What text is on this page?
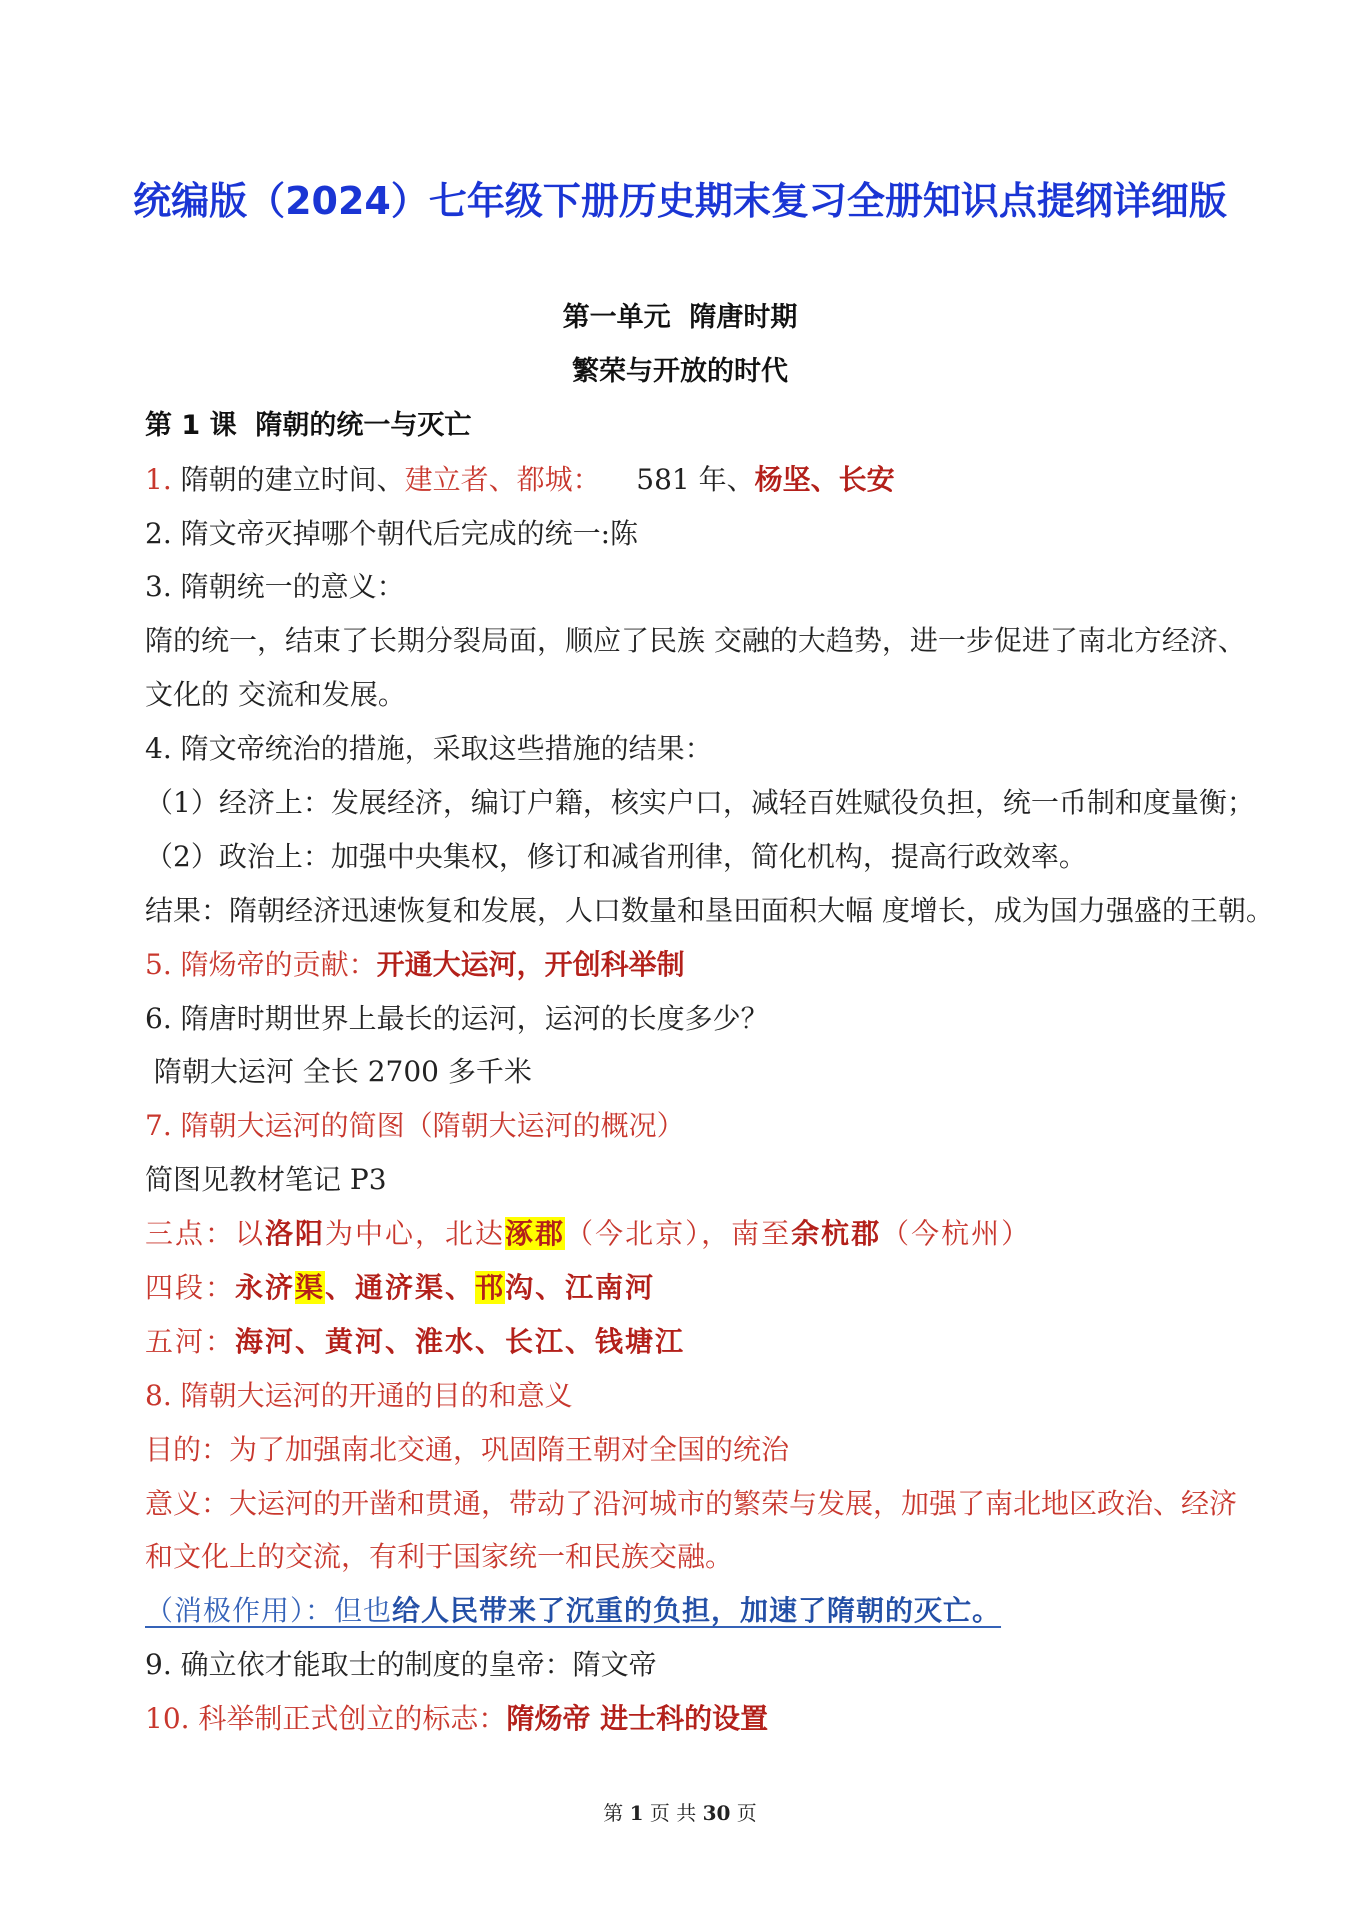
统编版（2024）七年级下册历史期末复习全册知识点提纲详细版
第一单元  隋唐时期
繁荣与开放的时代
第 1 课  隋朝的统一与灭亡
1. 隋朝的建立时间、建立者、都城：    581 年、杨坚、长安
2. 隋文帝灭掉哪个朝代后完成的统一:陈
3. 隋朝统一的意义：
隋的统一，结束了长期分裂局面，顺应了民族 交融的大趋势，进一步促进了南北方经济、
文化的 交流和发展。
4. 隋文帝统治的措施，采取这些措施的结果：
（1）经济上：发展经济，编订户籍，核实户口，减轻百姓赋役负担，统一币制和度量衡；
（2）政治上：加强中央集权，修订和减省刑律，简化机构，提高行政效率。
结果：隋朝经济迅速恢复和发展，人口数量和垦田面积大幅 度增长，成为国力强盛的王朝。
5. 隋炀帝的贡献：开通大运河，开创科举制
6. 隋唐时期世界上最长的运河，运河的长度多少？
隋朝大运河 全长 2700 多千米
7. 隋朝大运河的简图（隋朝大运河的概况）
简图见教材笔记 P3
三点：以洛阳为中心，北达涿郡（今北京），南至余杭郡（今杭州）
四段：永济渠、通济渠、邗沟、江南河
五河：海河、黄河、淮水、长江、钱塘江
8. 隋朝大运河的开通的目的和意义
目的：为了加强南北交通，巩固隋王朝对全国的统治
意义：大运河的开凿和贯通，带动了沿河城市的繁荣与发展，加强了南北地区政治、经济
和文化上的交流，有利于国家统一和民族交融。
（消极作用）：但也给人民带来了沉重的负担，加速了隋朝的灭亡。
9. 确立依才能取士的制度的皇帝：隋文帝
10. 科举制正式创立的标志：隋炀帝 进士科的设置
第 1 页 共 30 页
